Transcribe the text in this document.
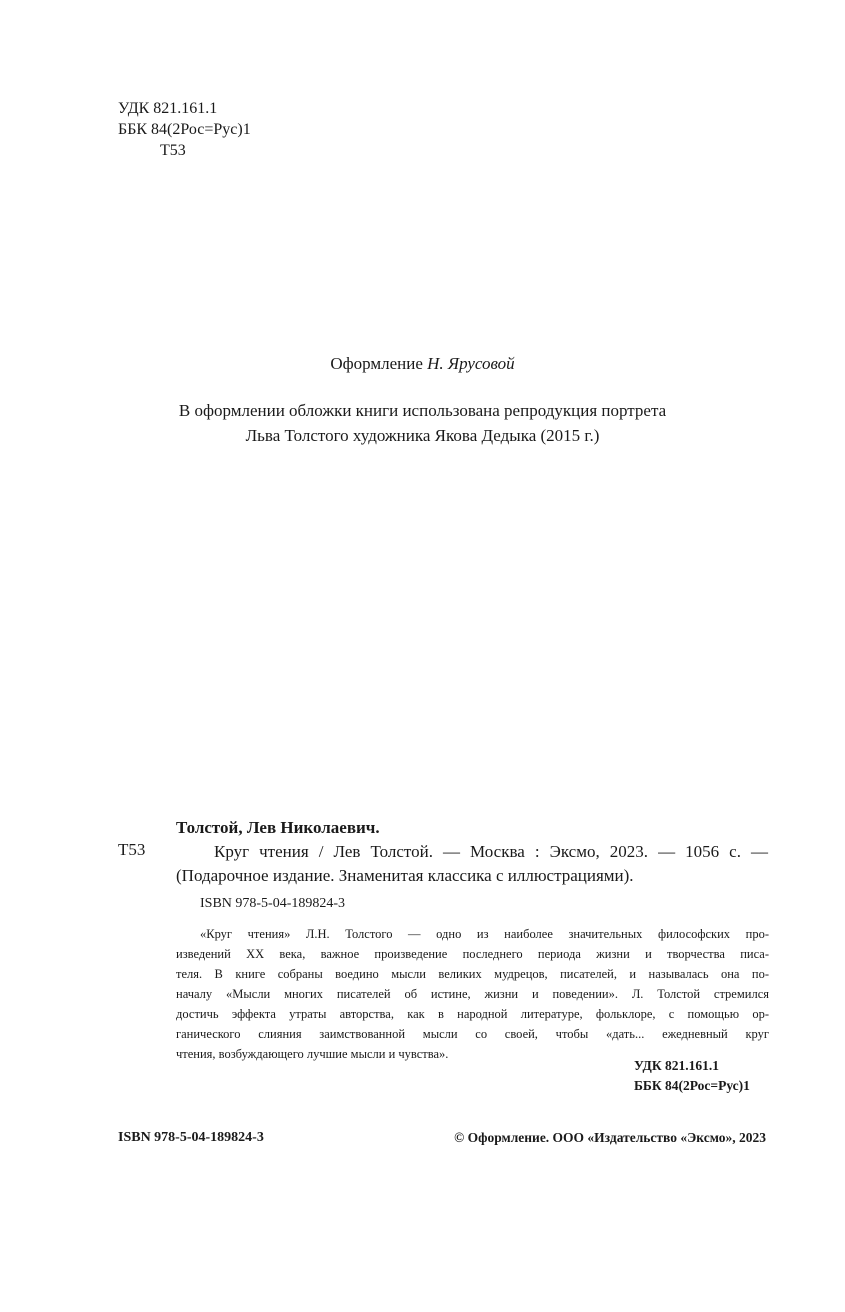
УДК 821.161.1
ББК 84(2Рос=Рус)1
Т53
Оформление Н. Ярусовой
В оформлении обложки книги использована репродукция портрета
Льва Толстого художника Якова Дедыка (2015 г.)
Толстой, Лев Николаевич.
Т53	Круг чтения / Лев Толстой. — Москва : Эксмо, 2023. — 1056 с. —
(Подарочное издание. Знаменитая классика с иллюстрациями).
ISBN 978-5-04-189824-3
«Круг чтения» Л.Н. Толстого — одно из наиболее значительных философских про-
изведений XX века, важное произведение последнего периода жизни и творчества писа-
теля. В книге собраны воедино мысли великих мудрецов, писателей, и называлась она по-
началу «Мысли многих писателей об истине, жизни и поведении». Л. Толстой стремился
достичь эффекта утраты авторства, как в народной литературе, фольклоре, с помощью ор-
ганического слияния заимствованной мысли со своей, чтобы «дать... ежедневный круг
чтения, возбуждающего лучшие мысли и чувства».
УДК 821.161.1
ББК 84(2Рос=Рус)1
ISBN 978-5-04-189824-3	© Оформление. ООО «Издательство «Эксмо», 2023
